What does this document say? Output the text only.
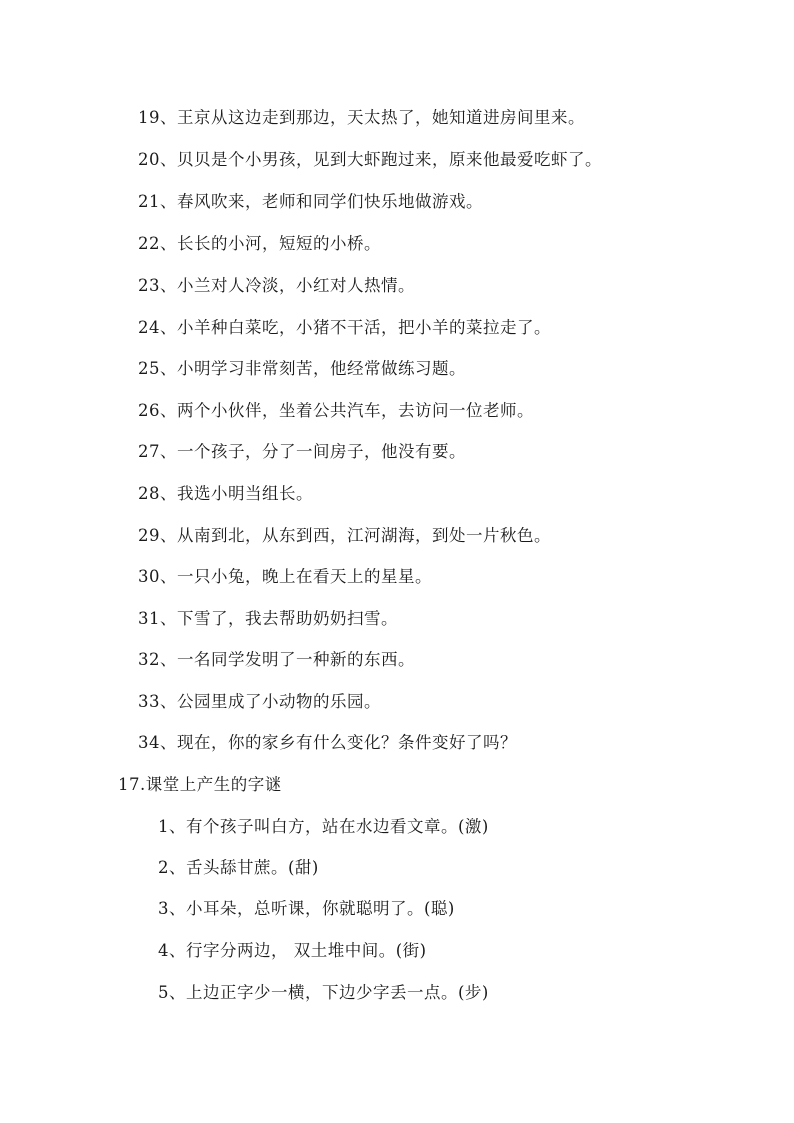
19、王京从这边走到那边，天太热了，她知道进房间里来。
20、贝贝是个小男孩，见到大虾跑过来，原来他最爱吃虾了。
21、春风吹来，老师和同学们快乐地做游戏。
22、长长的小河，短短的小桥。
23、小兰对人冷淡，小红对人热情。
24、小羊种白菜吃，小猪不干活，把小羊的菜拉走了。
25、小明学习非常刻苦，他经常做练习题。
26、两个小伙伴，坐着公共汽车，去访问一位老师。
27、一个孩子，分了一间房子，他没有要。
28、我选小明当组长。
29、从南到北，从东到西，江河湖海，到处一片秋色。
30、一只小兔，晚上在看天上的星星。
31、下雪了，我去帮助奶奶扫雪。
32、一名同学发明了一种新的东西。
33、公园里成了小动物的乐园。
34、现在，你的家乡有什么变化？条件变好了吗？
17.课堂上产生的字谜
1、有个孩子叫白方，站在水边看文章。(激)
2、舌头舔甘蔗。(甜)
3、小耳朵，总听课，你就聪明了。(聪)
4、行字分两边， 双土堆中间。(街)
5、上边正字少一横，下边少字丢一点。(步)
